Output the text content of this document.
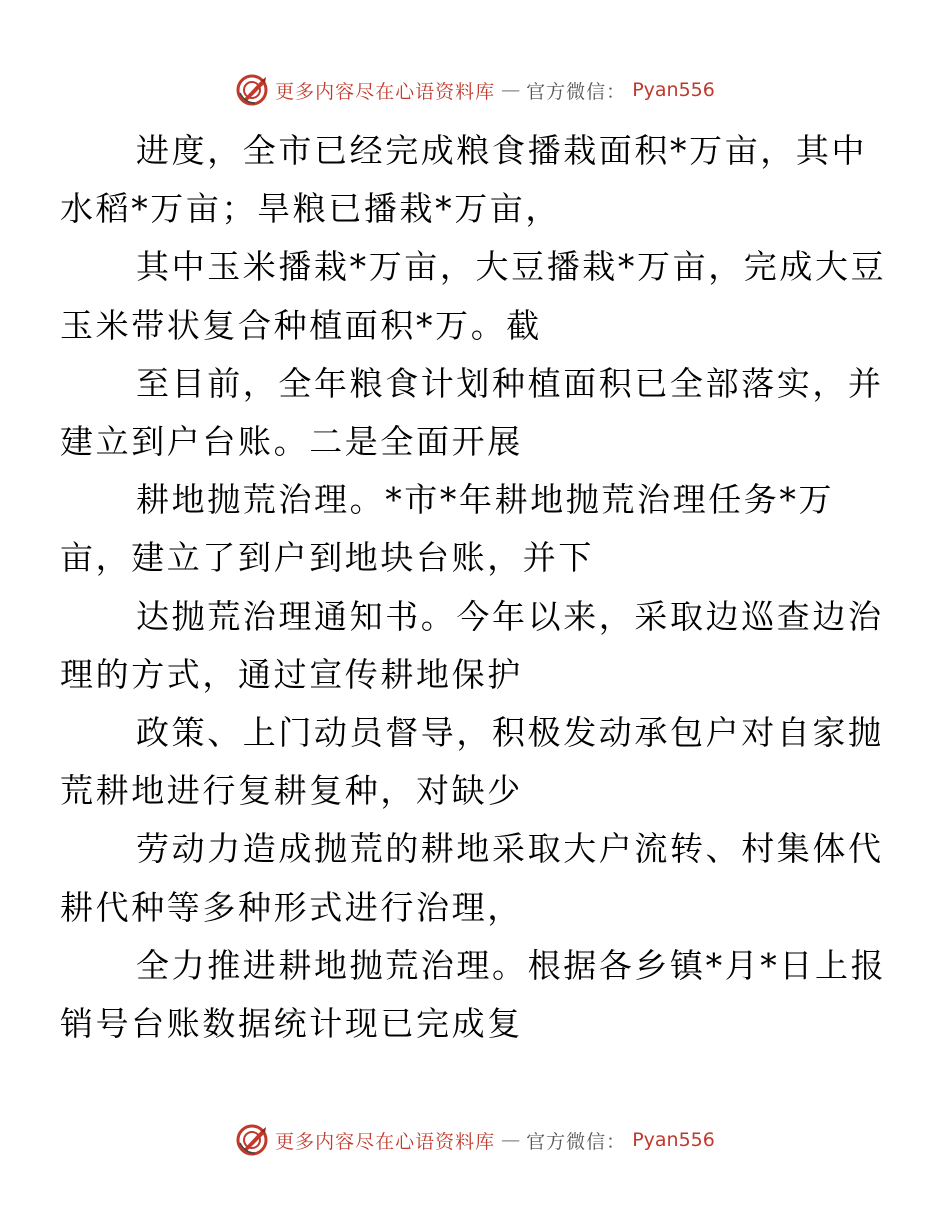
更多内容尽在心语资料库 — 官方微信： Pyan556

进度，全市已经完成粮食播栽面积*万亩，其中
水稻*万亩；旱粮已播栽*万亩，

其中玉米播栽*万亩，大豆播栽*万亩，完成大豆
玉米带状复合种植面积*万。截

至目前，全年粮食计划种植面积已全部落实，并
建立到户台账。二是全面开展

耕地抛荒治理。*市*年耕地抛荒治理任务*万
亩，建立了到户到地块台账，并下

达抛荒治理通知书。今年以来，采取边巡查边治
理的方式，通过宣传耕地保护

政策、上门动员督导，积极发动承包户对自家抛
荒耕地进行复耕复种，对缺少

劳动力造成抛荒的耕地采取大户流转、村集体代
耕代种等多种形式进行治理，

全力推进耕地抛荒治理。根据各乡镇*月*日上报
销号台账数据统计现已完成复

更多内容尽在心语资料库 — 官方微信： Pyan556
